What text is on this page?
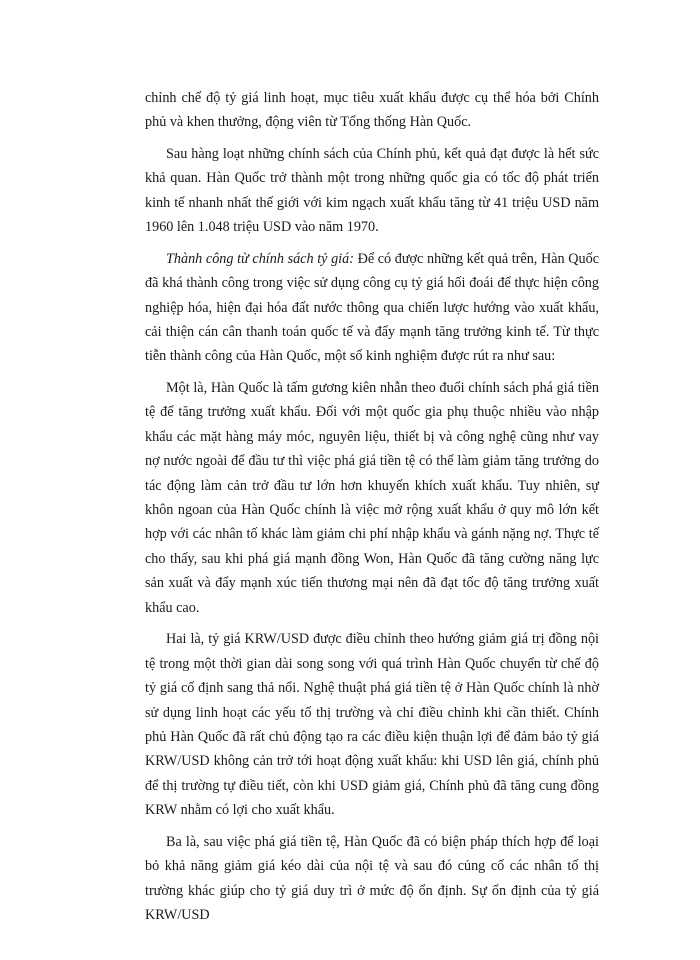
chỉnh chế độ tỷ giá linh hoạt, mục tiêu xuất khẩu được cụ thể hóa bởi Chính phủ và khen thưởng, động viên từ Tổng thống Hàn Quốc.

Sau hàng loạt những chính sách của Chính phủ, kết quả đạt được là hết sức khả quan. Hàn Quốc trở thành một trong những quốc gia có tốc độ phát triển kinh tế nhanh nhất thế giới với kim ngạch xuất khẩu tăng từ 41 triệu USD năm 1960 lên 1.048 triệu USD vào năm 1970.

Thành công từ chính sách tỷ giá: Để có được những kết quả trên, Hàn Quốc đã khá thành công trong việc sử dụng công cụ tỷ giá hối đoái để thực hiện công nghiệp hóa, hiện đại hóa đất nước thông qua chiến lược hướng vào xuất khẩu, cải thiện cán cân thanh toán quốc tế và đẩy mạnh tăng trưởng kinh tế. Từ thực tiễn thành công của Hàn Quốc, một số kinh nghiệm được rút ra như sau:

Một là, Hàn Quốc là tấm gương kiên nhẫn theo đuổi chính sách phá giá tiền tệ để tăng trưởng xuất khẩu. Đối với một quốc gia phụ thuộc nhiều vào nhập khẩu các mặt hàng máy móc, nguyên liệu, thiết bị và công nghệ cũng như vay nợ nước ngoài để đầu tư thì việc phá giá tiền tệ có thể làm giảm tăng trưởng do tác động làm cản trở đầu tư lớn hơn khuyến khích xuất khẩu. Tuy nhiên, sự khôn ngoan của Hàn Quốc chính là việc mở rộng xuất khẩu ở quy mô lớn kết hợp với các nhân tố khác làm giảm chi phí nhập khẩu và gánh nặng nợ. Thực tế cho thấy, sau khi phá giá mạnh đồng Won, Hàn Quốc đã tăng cường năng lực sản xuất và đẩy mạnh xúc tiến thương mại nên đã đạt tốc độ tăng trưởng xuất khẩu cao.

Hai là, tỷ giá KRW/USD được điều chỉnh theo hướng giảm giá trị đồng nội tệ trong một thời gian dài song song với quá trình Hàn Quốc chuyển từ chế độ tỷ giá cố định sang thả nổi. Nghệ thuật phá giá tiền tệ ở Hàn Quốc chính là nhờ sử dụng linh hoạt các yếu tố thị trường và chỉ điều chỉnh khi cần thiết. Chính phủ Hàn Quốc đã rất chủ động tạo ra các điều kiện thuận lợi để đảm bảo tỷ giá KRW/USD không cản trở tới hoạt động xuất khẩu: khi USD lên giá, chính phủ để thị trường tự điều tiết, còn khi USD giảm giá, Chính phủ đã tăng cung đồng KRW nhằm có lợi cho xuất khẩu.

Ba là, sau việc phá giá tiền tệ, Hàn Quốc đã có biện pháp thích hợp để loại bỏ khả năng giảm giá kéo dài của nội tệ và sau đó củng cố các nhân tố thị trường khác giúp cho tỷ giá duy trì ở mức độ ổn định. Sự ổn định của tỷ giá KRW/USD
